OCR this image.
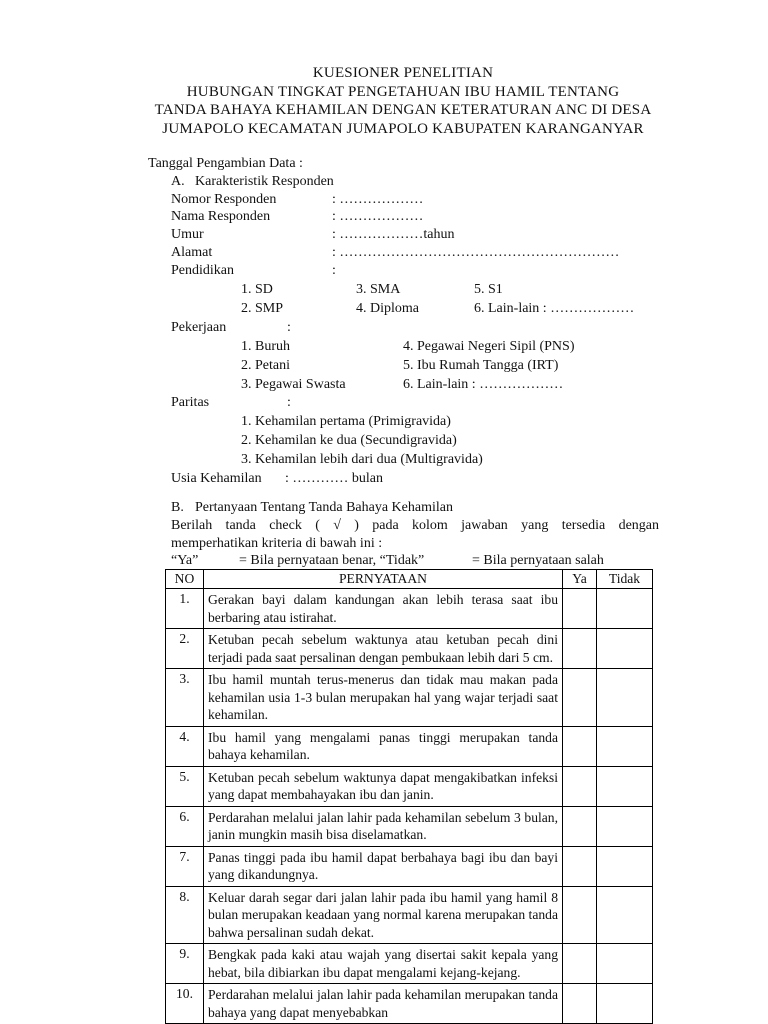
KUESIONER PENELITIAN
HUBUNGAN TINGKAT PENGETAHUAN IBU HAMIL TENTANG
TANDA BAHAYA KEHAMILAN DENGAN KETERATURAN ANC DI DESA
JUMAPOLO KECAMATAN JUMAPOLO KABUPATEN KARANGANYAR
Tanggal Pengambian Data :
A. Karakteristik Responden
Nomor Responden	: ………………
Nama Responden	: ………………
Umur	: ………………tahun
Alamat	: ……………………………………………………
Pendidikan	:
1. SD	3. SMA	5. S1
2. SMP	4. Diploma	6. Lain-lain : ………………
Pekerjaan	:
1. Buruh	4. Pegawai Negeri Sipil (PNS)
2. Petani	5. Ibu Rumah Tangga (IRT)
3. Pegawai Swasta	6. Lain-lain : ………………
Paritas	:
1. Kehamilan pertama (Primigravida)
2. Kehamilan ke dua (Secundigravida)
3. Kehamilan lebih dari dua (Multigravida)
Usia Kehamilan : ………… bulan
B. Pertanyaan Tentang Tanda Bahaya Kehamilan
Berilah tanda check ( √ ) pada kolom jawaban yang tersedia dengan
memperhatikan kriteria di bawah ini :
“Ya”	= Bila pernyataan benar, “Tidak”	= Bila pernyataan salah
NO	PERNYATAAN	Ya	Tidak
1.	Gerakan bayi dalam kandungan akan lebih terasa saat ibu berbaring atau istirahat.		
2.	Ketuban pecah sebelum waktunya atau ketuban pecah dini terjadi pada saat persalinan dengan pembukaan lebih dari 5 cm.		
3.	Ibu hamil muntah terus-menerus dan tidak mau makan pada kehamilan usia 1-3 bulan merupakan hal yang wajar terjadi saat kehamilan.		
4.	Ibu hamil yang mengalami panas tinggi merupakan tanda bahaya kehamilan.		
5.	Ketuban pecah sebelum waktunya dapat mengakibatkan infeksi yang dapat membahayakan ibu dan janin.		
6.	Perdarahan melalui jalan lahir pada kehamilan sebelum 3 bulan, janin mungkin masih bisa diselamatkan.		
7.	Panas tinggi pada ibu hamil dapat berbahaya bagi ibu dan bayi yang dikandungnya.		
8.	Keluar darah segar dari jalan lahir pada ibu hamil yang hamil 8 bulan merupakan keadaan yang normal karena merupakan tanda bahwa persalinan sudah dekat.		
9.	Bengkak pada kaki atau wajah yang disertai sakit kepala yang hebat, bila dibiarkan ibu dapat mengalami kejang-kejang.		
10.	Perdarahan melalui jalan lahir pada kehamilan merupakan tanda bahaya yang dapat menyebabkan		
